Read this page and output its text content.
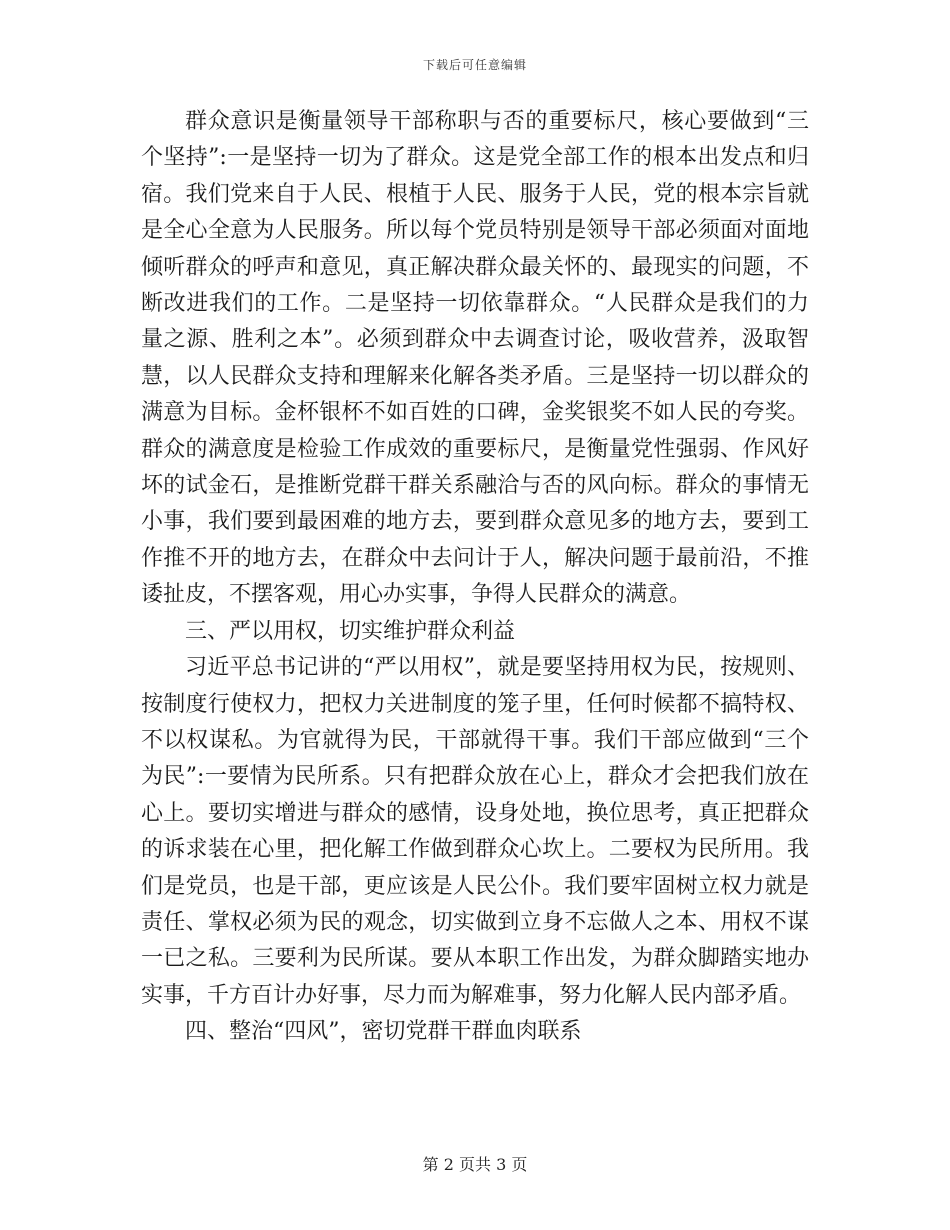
下载后可任意编辑

群众意识是衡量领导干部称职与否的重要标尺，核心要做到“三个坚持”:一是坚持一切为了群众。这是党全部工作的根本出发点和归宿。我们党来自于人民、根植于人民、服务于人民，党的根本宗旨就是全心全意为人民服务。所以每个党员特别是领导干部必须面对面地倾听群众的呼声和意见，真正解决群众最关怀的、最现实的问题，不断改进我们的工作。二是坚持一切依靠群众。“人民群众是我们的力量之源、胜利之本”。必须到群众中去调查讨论，吸收营养，汲取智慧，以人民群众支持和理解来化解各类矛盾。三是坚持一切以群众的满意为目标。金杯银杯不如百姓的口碑，金奖银奖不如人民的夸奖。群众的满意度是检验工作成效的重要标尺，是衡量党性强弱、作风好坏的试金石，是推断党群干群关系融洽与否的风向标。群众的事情无小事，我们要到最困难的地方去，要到群众意见多的地方去，要到工作推不开的地方去，在群众中去问计于人，解决问题于最前沿，不推诿扯皮，不摆客观，用心办实事，争得人民群众的满意。

三、严以用权，切实维护群众利益

习近平总书记讲的“严以用权”，就是要坚持用权为民，按规则、按制度行使权力，把权力关进制度的笼子里，任何时候都不搞特权、不以权谋私。为官就得为民，干部就得干事。我们干部应做到“三个为民”:一要情为民所系。只有把群众放在心上，群众才会把我们放在心上。要切实增进与群众的感情，设身处地，换位思考，真正把群众的诉求装在心里，把化解工作做到群众心坎上。二要权为民所用。我们是党员，也是干部，更应该是人民公仆。我们要牢固树立权力就是责任、掌权必须为民的观念，切实做到立身不忘做人之本、用权不谋一已之私。三要利为民所谋。要从本职工作出发，为群众脚踏实地办实事，千方百计办好事，尽力而为解难事，努力化解人民内部矛盾。

四、整治“四风”，密切党群干群血肉联系

第 2 页共 3 页
